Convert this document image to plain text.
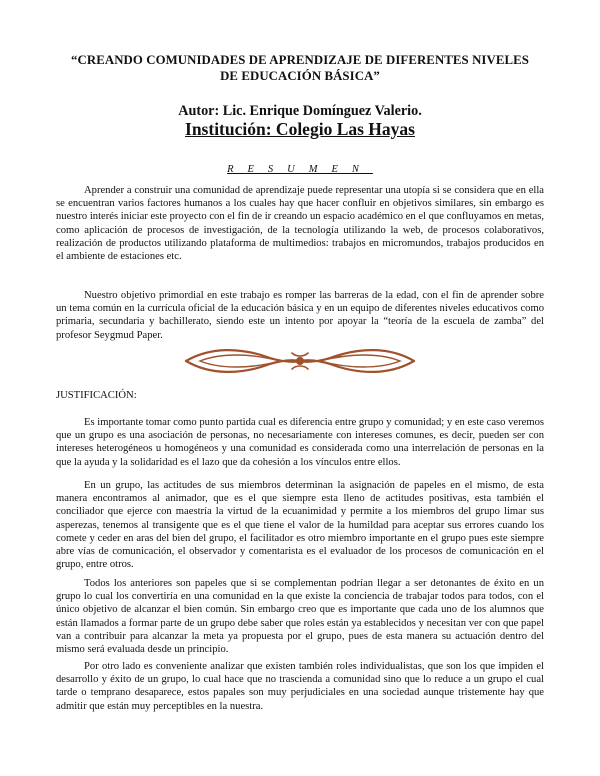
“CREANDO COMUNIDADES DE APRENDIZAJE DE DIFERENTES NIVELES
DE EDUCACIÓN BÁSICA”
Autor: Lic. Enrique Domínguez Valerio.
Institución: Colegio Las Hayas
RESUMEN

Aprender a construir una comunidad de aprendizaje puede representar una utopía si se considera que en ella se encuentran varios factores humanos a los cuales hay que hacer confluir en objetivos similares, sin embargo es nuestro interés iniciar este proyecto con el fin de ir creando un espacio académico en el que confluyamos en metas, como aplicación de procesos de investigación, de la tecnología utilizando la web, de procesos colaborativos, realización de productos utilizando plataforma de multimedios: trabajos en micromundos, trabajos producidos en el ambiente de estaciones etc.

Nuestro objetivo primordial en este trabajo es romper las barreras de la edad, con el fin de aprender sobre un tema común en la currícula oficial de la educación básica y en un equipo de diferentes niveles educativos como primaria, secundaria y bachillerato, siendo este un intento por apoyar la “teoría de la escuela de zamba” del profesor Seygmud Paper.

JUSTIFICACIÓN:

Es importante tomar como punto partida cual es diferencia entre grupo y comunidad; y en este caso veremos que un grupo es una asociación de personas, no necesariamente con intereses comunes, es decir, pueden ser con intereses heterogéneos u homogéneos y una comunidad es considerada como una interrelación de personas en la que la ayuda y la solidaridad es el lazo que da cohesión a los vínculos entre ellos.

En un grupo, las actitudes de sus miembros determinan la asignación de papeles en el mismo, de esta manera encontramos al animador, que es el que siempre esta lleno de actitudes positivas, esta también el conciliador que ejerce con maestría la virtud de la ecuanimidad y permite a los miembros del grupo limar sus asperezas, tenemos al transigente que es el que tiene el valor de la humildad para aceptar sus errores cuando los comete y ceder en aras del bien del grupo, el facilitador es otro miembro importante en el grupo pues este siempre abre vías de comunicación, el observador y comentarista es el evaluador de los procesos de comunicación en el grupo, entre otros.

Todos los anteriores son papeles que si se complementan podrían llegar a ser detonantes de éxito en un grupo lo cual los convertiría en una comunidad en la que existe la conciencia de trabajar todos para todos, con el único objetivo de alcanzar el bien común. Sin embargo creo que es importante que cada uno de los alumnos que están llamados a formar parte de un grupo debe saber que roles están ya establecidos y necesitan ver con que papel van a contribuir para alcanzar la meta ya propuesta por el grupo, pues de esta manera su actuación dentro del mismo será evaluada desde un principio.

Por otro lado es conveniente analizar que existen también roles individualistas, que son los que impiden el desarrollo y éxito de un grupo, lo cual hace que no trascienda a comunidad sino que lo reduce a un grupo el cual tarde o temprano desaparece, estos papales son muy perjudiciales en una sociedad aunque tristemente hay que admitir que están muy perceptibles en la nuestra.
